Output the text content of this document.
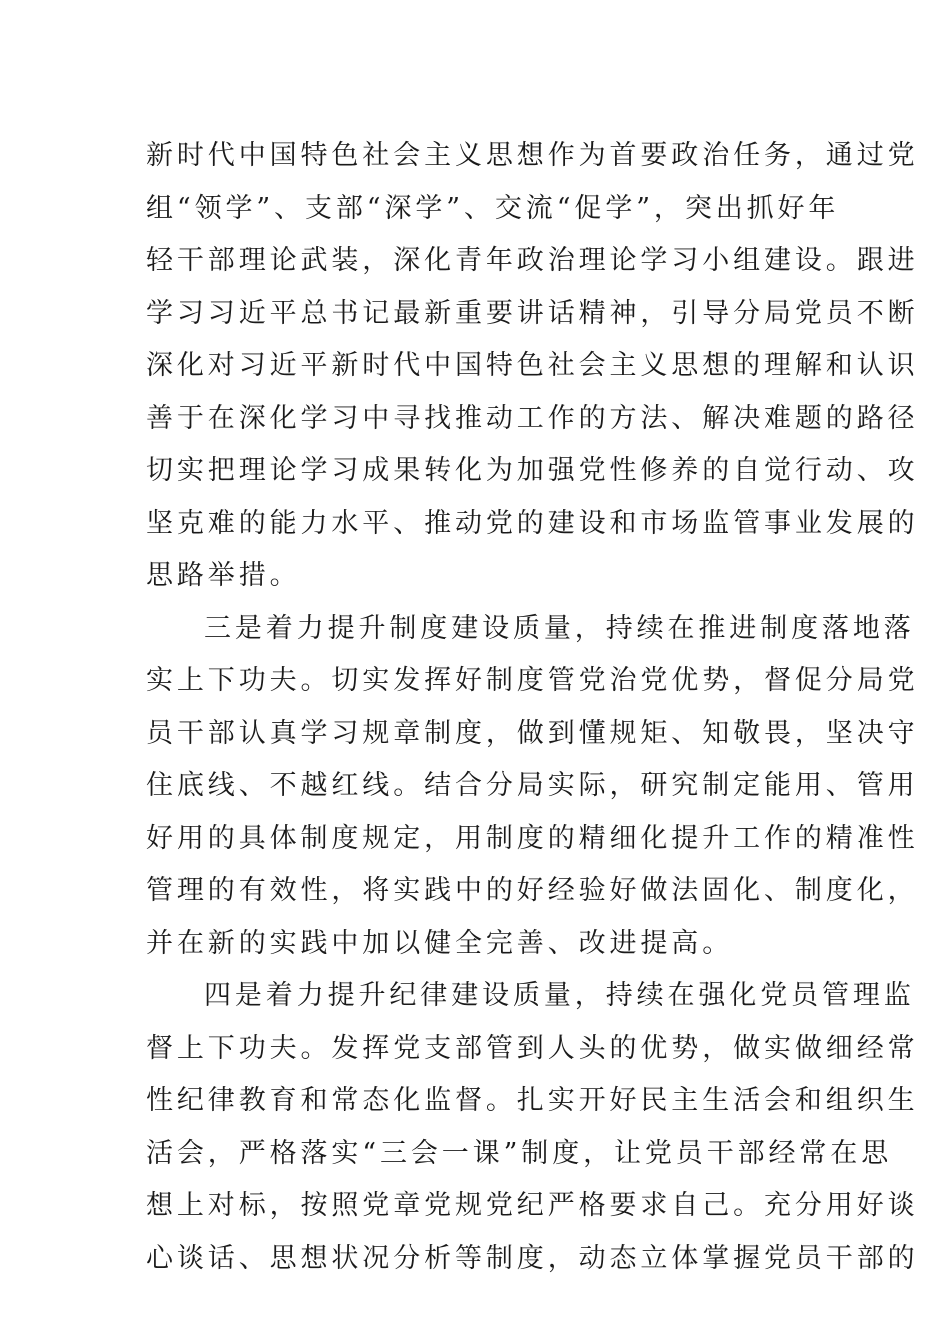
新时代中国特色社会主义思想作为首要政治任务，通过党
组“领学”、支部“深学”、交流“促学”，突出抓好年
轻干部理论武装，深化青年政治理论学习小组建设。跟进
学习习近平总书记最新重要讲话精神，引导分局党员不断
深化对习近平新时代中国特色社会主义思想的理解和认识
善于在深化学习中寻找推动工作的方法、解决难题的路径
切实把理论学习成果转化为加强党性修养的自觉行动、攻
坚克难的能力水平、推动党的建设和市场监管事业发展的
思路举措。
三是着力提升制度建设质量，持续在推进制度落地落
实上下功夫。切实发挥好制度管党治党优势，督促分局党
员干部认真学习规章制度，做到懂规矩、知敬畏，坚决守
住底线、不越红线。结合分局实际，研究制定能用、管用
好用的具体制度规定，用制度的精细化提升工作的精准性
管理的有效性，将实践中的好经验好做法固化、制度化，
并在新的实践中加以健全完善、改进提高。
四是着力提升纪律建设质量，持续在强化党员管理监
督上下功夫。发挥党支部管到人头的优势，做实做细经常
性纪律教育和常态化监督。扎实开好民主生活会和组织生
活会，严格落实“三会一课”制度，让党员干部经常在思
想上对标，按照党章党规党纪严格要求自己。充分用好谈
心谈话、思想状况分析等制度，动态立体掌握党员干部的
